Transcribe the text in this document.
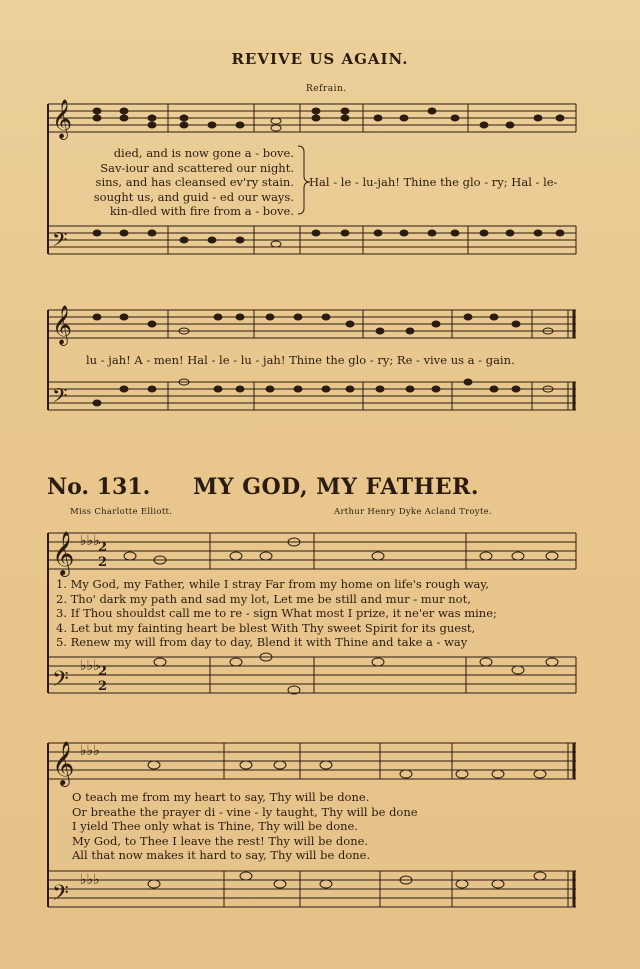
𝄞
𝄢
𝄞
𝄢
𝄞
𝄢
𝄞
𝄢
♭♭♭
2
2
♭♭♭
2
2
♭♭♭
♭♭♭
REVIVE US AGAIN.
Refrain.
died, and is now gone a - bove.
Sav-iour and scattered our night.
sins, and has cleansed ev'ry stain.
sought us, and guid - ed our ways.
kin-dled with fire from a - bove.
Hal - le - lu-jah! Thine the glo - ry; Hal - le-
lu - jah! A - men! Hal - le - lu - jah! Thine the glo - ry; Re - vive us a - gain.
No. 131. MY GOD, MY FATHER.
Miss Charlotte Elliott.	Arthur Henry Dyke Acland Troyte.
1. My God, my Father, while I stray Far from my home on life's rough way,
2. Tho' dark my path and sad my lot, Let me be still and mur - mur not,
3. If Thou shouldst call me to re - sign What most I prize, it ne'er was mine;
4. Let but my fainting heart be blest With Thy sweet Spirit for its guest,
5. Renew my will from day to day, Blend it with Thine and take a - way
O teach me from my heart to say, Thy will be done.
Or breathe the prayer di - vine - ly taught, Thy will be done
I yield Thee only what is Thine, Thy will be done.
My God, to Thee I leave the rest! Thy will be done.
All that now makes it hard to say, Thy will be done.
